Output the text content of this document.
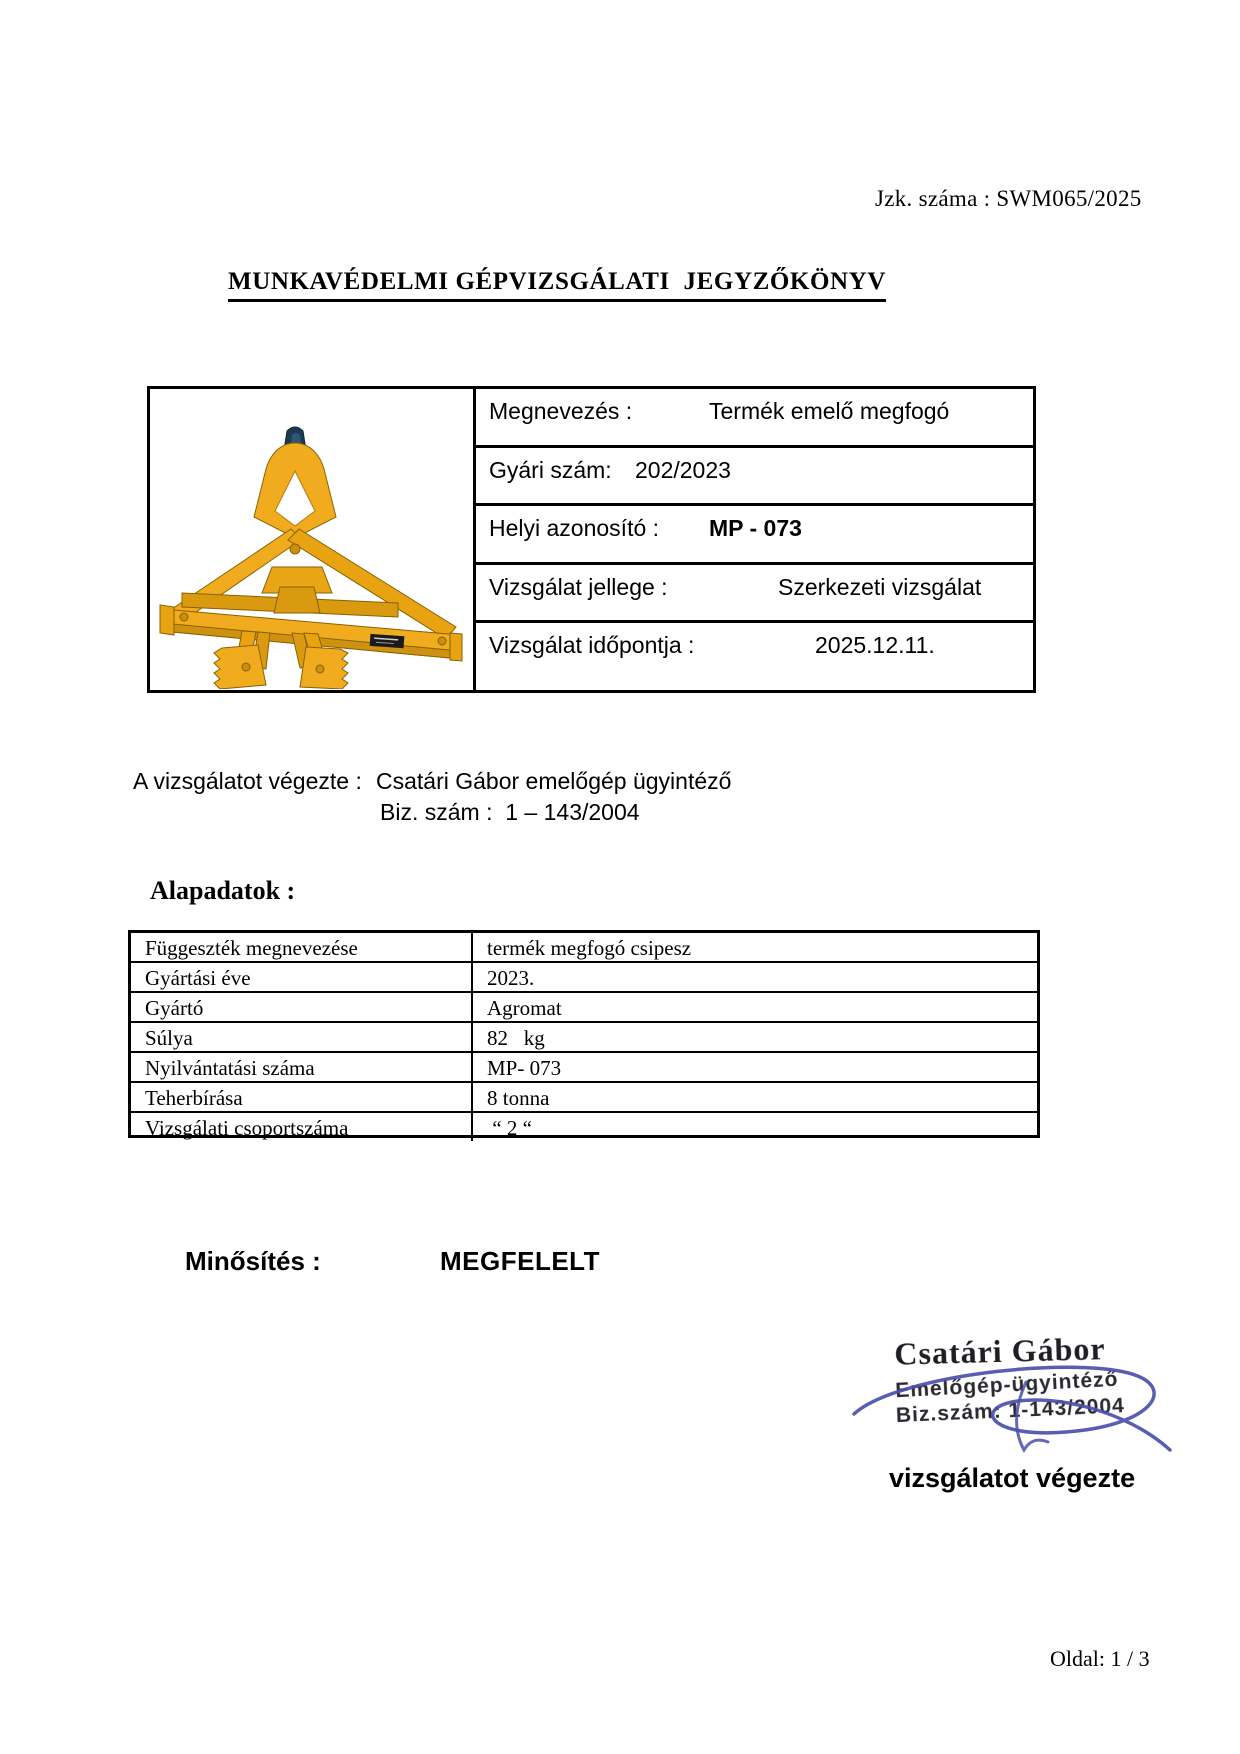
Jzk. száma : SWM065/2025
MUNKAVÉDELMI GÉPVIZSGÁLATI  JEGYZŐKÖNYV
Megnevezés :	Termék emelő megfogó
Gyári szám: 202/2023
Helyi azonosító : MP - 073
Vizsgálat jellege :	Szerkezeti vizsgálat
Vizsgálat időpontja :	2025.12.11.
A vizsgálatot végezte : Csatári Gábor emelőgép ügyintéző
Biz. szám :  1 – 143/2004
Alapadatok :
Függeszték megnevezése	termék megfogó csipesz
Gyártási éve	2023.
Gyártó	Agromat
Súlya	82   kg
Nyilvántatási száma	MP- 073
Teherbírása	8 tonna
Vizsgálati csoportszáma	“ 2 “
Minősítés :	MEGFELELT
Csatári Gábor
Emelőgép-ügyintéző
Biz.szám: 1-143/2004
vizsgálatot végezte
Oldal: 1 / 3
